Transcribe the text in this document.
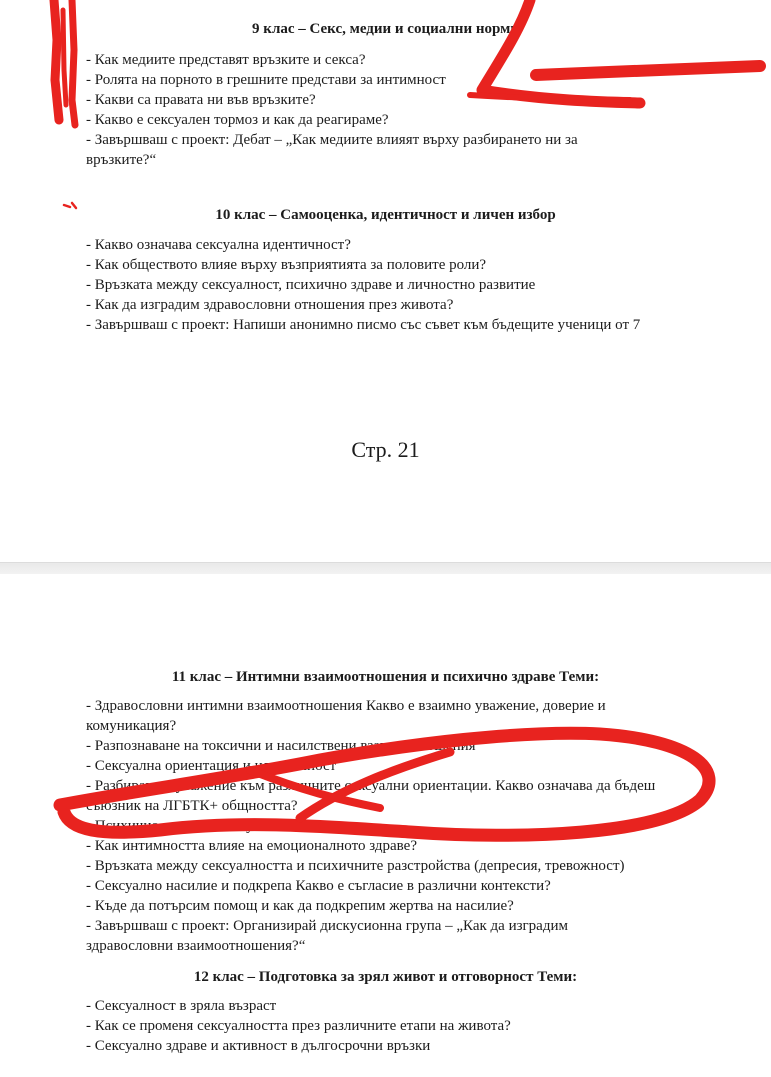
9 клас – Секс, медии и социални норми

- Как медиите представят връзките и секса?

- Ролята на порното в грешните представи за интимност

- Какви са правата ни във връзките?

- Какво е сексуален тормоз и как да реагираме?

- Завършваш с проект: Дебат – „Как медиите влияят върху разбирането ни за

връзките?“

10 клас – Самооценка, идентичност и личен избор

- Какво означава сексуална идентичност?

- Как обществото влияе върху възприятията за половите роли?

- Връзката между сексуалност, психично здраве и личностно развитие

- Как да изградим здравословни отношения през живота?

- Завършваш с проект: Напиши анонимно писмо със съвет към бъдещите ученици от 7

Стр. 21

11 клас – Интимни взаимоотношения и психично здраве Теми:

- Здравословни интимни взаимоотношения Какво е взаимно уважение, доверие и

комуникация?

- Разпознаване на токсични и насилствени взаимоотношения

- Сексуална ориентация и идентичност

- Разбиране и уважение към различните сексуални ориентации. Какво означава да бъдеш

съюзник на ЛГБТК+ общността?

- Психично здраве и сексуалност

- Как интимността влияе на емоционалното здраве?

- Връзката между сексуалността и психичните разстройства (депресия, тревожност)

- Сексуално насилие и подкрепа Какво е съгласие в различни контексти?

- Къде да потърсим помощ и как да подкрепим жертва на насилие?

- Завършваш с проект: Организирай дискусионна група – „Как да изградим

здравословни взаимоотношения?“

12 клас – Подготовка за зрял живот и отговорност Теми:

- Сексуалност в зряла възраст

- Как се променя сексуалността през различните етапи на живота?

- Сексуално здраве и активност в дългосрочни връзки
